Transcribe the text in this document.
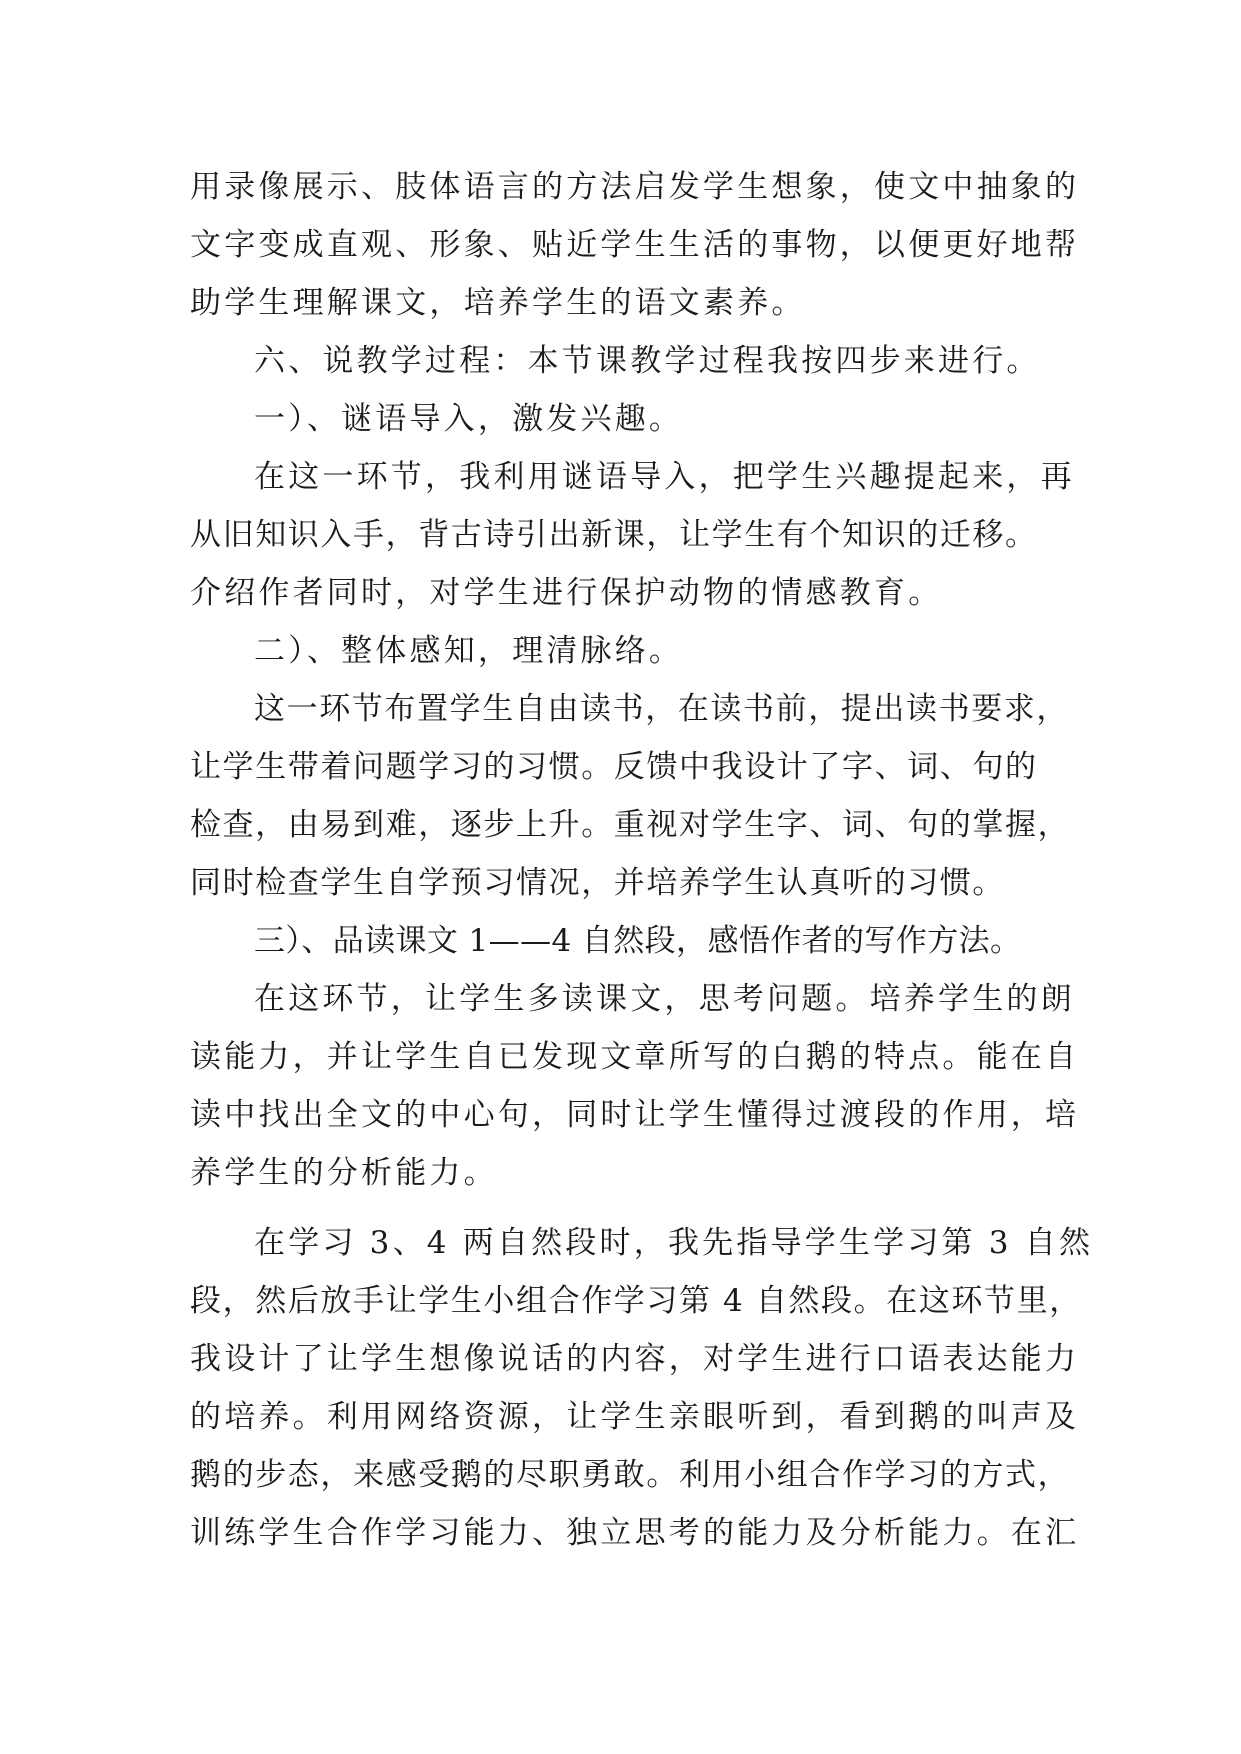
用录像展示、肢体语言的方法启发学生想象，使文中抽象的
文字变成直观、形象、贴近学生生活的事物，以便更好地帮
助学生理解课文，培养学生的语文素养。
六、说教学过程：本节课教学过程我按四步来进行。
一）、谜语导入，激发兴趣。
在这一环节，我利用谜语导入，把学生兴趣提起来，再
从旧知识入手，背古诗引出新课，让学生有个知识的迁移。
介绍作者同时，对学生进行保护动物的情感教育。
二）、整体感知，理清脉络。
这一环节布置学生自由读书，在读书前，提出读书要求，
让学生带着问题学习的习惯。反馈中我设计了字、词、句的
检查，由易到难，逐步上升。重视对学生字、词、句的掌握，
同时检查学生自学预习情况，并培养学生认真听的习惯。
三）、品读课文 1——4 自然段，感悟作者的写作方法。
在这环节，让学生多读课文，思考问题。培养学生的朗
读能力，并让学生自已发现文章所写的白鹅的特点。能在自
读中找出全文的中心句，同时让学生懂得过渡段的作用，培
养学生的分析能力。
在学习 3、4 两自然段时，我先指导学生学习第 3 自然
段，然后放手让学生小组合作学习第 4 自然段。在这环节里，
我设计了让学生想像说话的内容，对学生进行口语表达能力
的培养。利用网络资源，让学生亲眼听到，看到鹅的叫声及
鹅的步态，来感受鹅的尽职勇敢。利用小组合作学习的方式，
训练学生合作学习能力、独立思考的能力及分析能力。在汇
